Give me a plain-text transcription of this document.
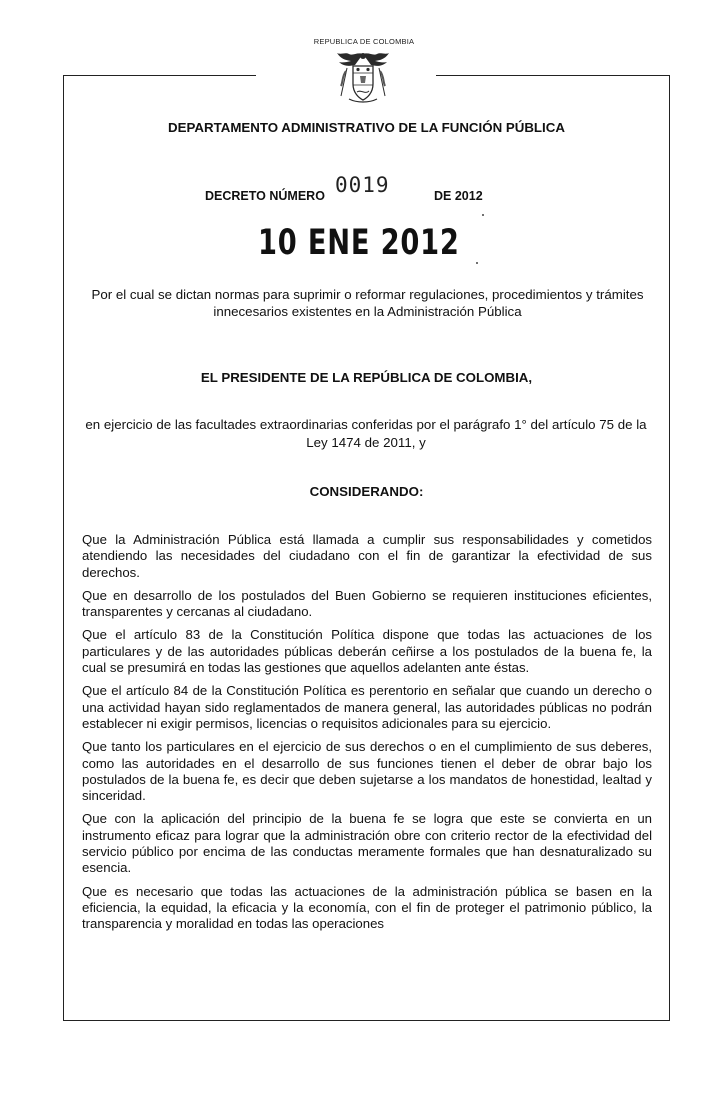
REPUBLICA DE COLOMBIA
DEPARTAMENTO ADMINISTRATIVO DE LA FUNCIÓN PÚBLICA
DECRETO NÚMERO 0019	DE 2012
10 ENE 2012
Por el cual se dictan normas para suprimir o reformar regulaciones, procedimientos y trámites innecesarios existentes en la Administración Pública
EL PRESIDENTE DE LA REPÚBLICA DE COLOMBIA,
en ejercicio de las facultades extraordinarias conferidas por el parágrafo 1° del artículo 75 de la Ley 1474 de 2011, y
CONSIDERANDO:

Que la Administración Pública está llamada a cumplir sus responsabilidades y cometidos atendiendo las necesidades del ciudadano con el fin de garantizar la efectividad de sus derechos.

Que en desarrollo de los postulados del Buen Gobierno se requieren instituciones eficientes, transparentes y cercanas al ciudadano.

Que el artículo 83 de la Constitución Política dispone que todas las actuaciones de los particulares y de las autoridades públicas deberán ceñirse a los postulados de la buena fe, la cual se presumirá en todas las gestiones que aquellos adelanten ante éstas.

Que el artículo 84 de la Constitución Política es perentorio en señalar que cuando un derecho o una actividad hayan sido reglamentados de manera general, las autoridades públicas no podrán establecer ni exigir permisos, licencias o requisitos adicionales para su ejercicio.

Que tanto los particulares en el ejercicio de sus derechos o en el cumplimiento de sus deberes, como las autoridades en el desarrollo de sus funciones tienen el deber de obrar bajo los postulados de la buena fe, es decir que deben sujetarse a los mandatos de honestidad, lealtad y sinceridad.

Que con la aplicación del principio de la buena fe se logra que este se convierta en un instrumento eficaz para lograr que la administración obre con criterio rector de la efectividad del servicio público por encima de las conductas meramente formales que han desnaturalizado su esencia.

Que es necesario que todas las actuaciones de la administración pública se basen en la eficiencia, la equidad, la eficacia y la economía, con el fin de proteger el patrimonio público, la transparencia y moralidad en todas las operaciones
